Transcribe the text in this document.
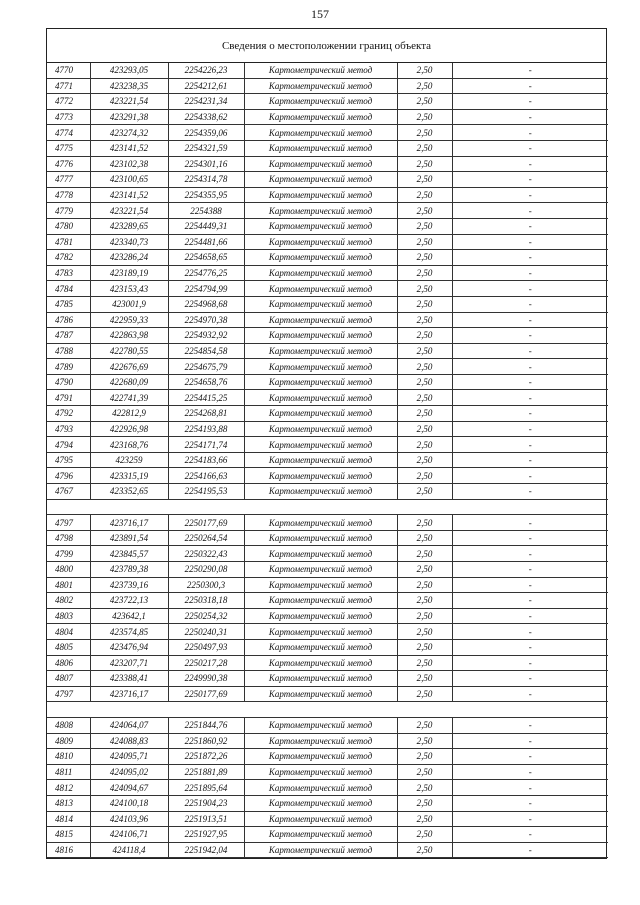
157
Сведения о местоположении границ объекта
4770	423293,05	2254226,23	Картометрический метод	2,50	-
4771	423238,35	2254212,61	Картометрический метод	2,50	-
4772	423221,54	2254231,34	Картометрический метод	2,50	-
4773	423291,38	2254338,62	Картометрический метод	2,50	-
4774	423274,32	2254359,06	Картометрический метод	2,50	-
4775	423141,52	2254321,59	Картометрический метод	2,50	-
4776	423102,38	2254301,16	Картометрический метод	2,50	-
4777	423100,65	2254314,78	Картометрический метод	2,50	-
4778	423141,52	2254355,95	Картометрический метод	2,50	-
4779	423221,54	2254388	Картометрический метод	2,50	-
4780	423289,65	2254449,31	Картометрический метод	2,50	-
4781	423340,73	2254481,66	Картометрический метод	2,50	-
4782	423286,24	2254658,65	Картометрический метод	2,50	-
4783	423189,19	2254776,25	Картометрический метод	2,50	-
4784	423153,43	2254794,99	Картометрический метод	2,50	-
4785	423001,9	2254968,68	Картометрический метод	2,50	-
4786	422959,33	2254970,38	Картометрический метод	2,50	-
4787	422863,98	2254932,92	Картометрический метод	2,50	-
4788	422780,55	2254854,58	Картометрический метод	2,50	-
4789	422676,69	2254675,79	Картометрический метод	2,50	-
4790	422680,09	2254658,76	Картометрический метод	2,50	-
4791	422741,39	2254415,25	Картометрический метод	2,50	-
4792	422812,9	2254268,81	Картометрический метод	2,50	-
4793	422926,98	2254193,88	Картометрический метод	2,50	-
4794	423168,76	2254171,74	Картометрический метод	2,50	-
4795	423259	2254183,66	Картометрический метод	2,50	-
4796	423315,19	2254166,63	Картометрический метод	2,50	-
4767	423352,65	2254195,53	Картометрический метод	2,50	-

4797	423716,17	2250177,69	Картометрический метод	2,50	-
4798	423891,54	2250264,54	Картометрический метод	2,50	-
4799	423845,57	2250322,43	Картометрический метод	2,50	-
4800	423789,38	2250290,08	Картометрический метод	2,50	-
4801	423739,16	2250300,3	Картометрический метод	2,50	-
4802	423722,13	2250318,18	Картометрический метод	2,50	-
4803	423642,1	2250254,32	Картометрический метод	2,50	-
4804	423574,85	2250240,31	Картометрический метод	2,50	-
4805	423476,94	2250497,93	Картометрический метод	2,50	-
4806	423207,71	2250217,28	Картометрический метод	2,50	-
4807	423388,41	2249990,38	Картометрический метод	2,50	-
4797	423716,17	2250177,69	Картометрический метод	2,50	-

4808	424064,07	2251844,76	Картометрический метод	2,50	-
4809	424088,83	2251860,92	Картометрический метод	2,50	-
4810	424095,71	2251872,26	Картометрический метод	2,50	-
4811	424095,02	2251881,89	Картометрический метод	2,50	-
4812	424094,67	2251895,64	Картометрический метод	2,50	-
4813	424100,18	2251904,23	Картометрический метод	2,50	-
4814	424103,96	2251913,51	Картометрический метод	2,50	-
4815	424106,71	2251927,95	Картометрический метод	2,50	-
4816	424118,4	2251942,04	Картометрический метод	2,50	-
